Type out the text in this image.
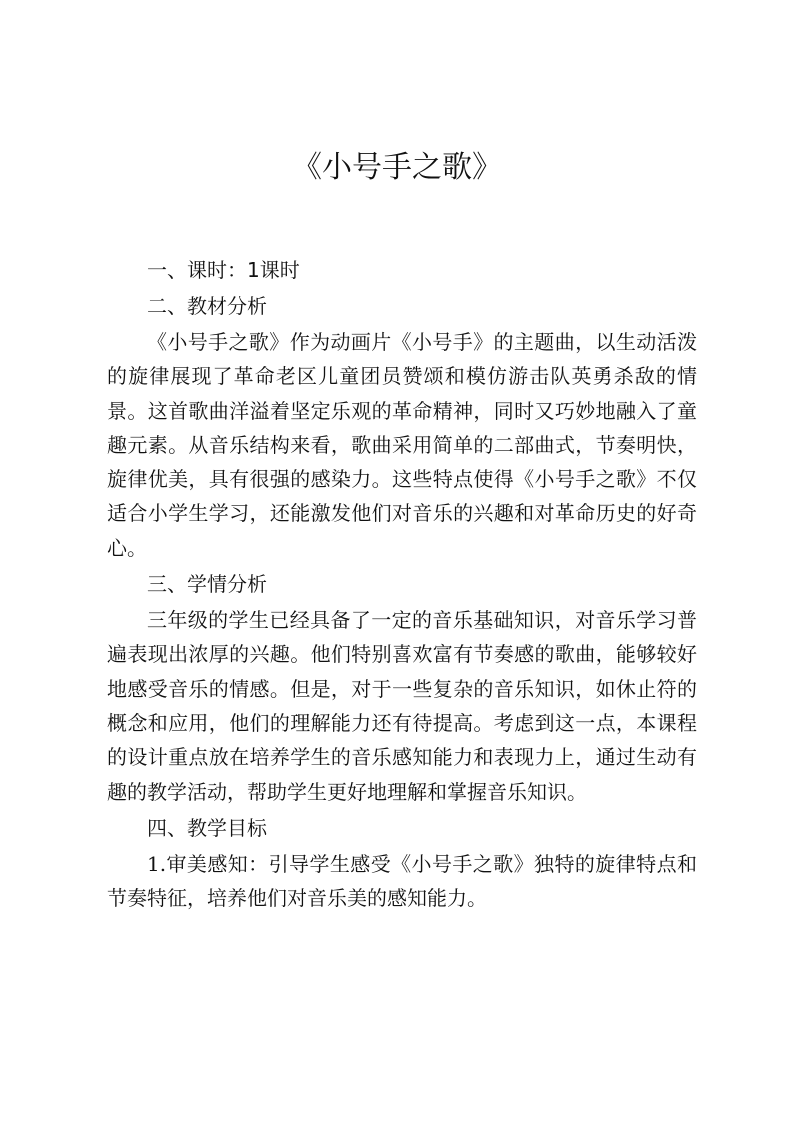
《小号手之歌》
一、课时：1课时
二、教材分析

《小号手之歌》作为动画片《小号手》的主题曲，以生动活泼的旋律展现了革命老区儿童团员赞颂和模仿游击队英勇杀敌的情景。这首歌曲洋溢着坚定乐观的革命精神，同时又巧妙地融入了童趣元素。从音乐结构来看，歌曲采用简单的二部曲式，节奏明快，旋律优美，具有很强的感染力。这些特点使得《小号手之歌》不仅适合小学生学习，还能激发他们对音乐的兴趣和对革命历史的好奇心。

三、学情分析

三年级的学生已经具备了一定的音乐基础知识，对音乐学习普遍表现出浓厚的兴趣。他们特别喜欢富有节奏感的歌曲，能够较好地感受音乐的情感。但是，对于一些复杂的音乐知识，如休止符的概念和应用，他们的理解能力还有待提高。考虑到这一点，本课程的设计重点放在培养学生的音乐感知能力和表现力上，通过生动有趣的教学活动，帮助学生更好地理解和掌握音乐知识。

四、教学目标

1.审美感知：引导学生感受《小号手之歌》独特的旋律特点和节奏特征，培养他们对音乐美的感知能力。
